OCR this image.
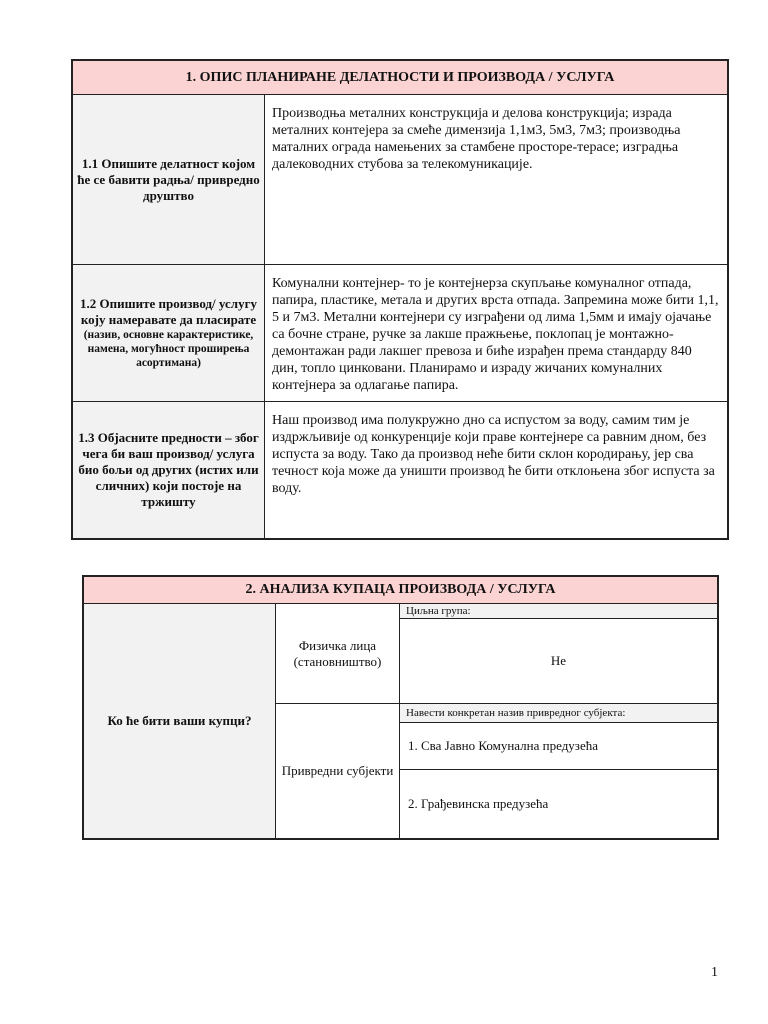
1. ОПИС ПЛАНИРАНЕ ДЕЛАТНОСТИ И ПРОИЗВОДА / УСЛУГА	
1.1 Опишите делатност којом ће се бавити радња/ привредно друштво	Производња металних конструкција и делова конструкција; израда металних контејера за смеће димензија 1,1м3, 5м3, 7м3; производња маталних ограда намењених за стамбене просторе-терасе; изградња далеководних стубова за телекомуникације.
1.2 Опишите производ/ услугу коју намеравате да пласирате
(назив, основне карактеристике, намена, могућност проширења асортимана)	Комунални контејнер- то је контејнерза скупљање комуналног отпада, папира, пластике, метала и других врста отпада. Запремина може бити 1,1, 5 и 7м3. Метални контејнери су изграђени од лима 1,5мм и имају ојачање са бочне стране, ручке за лакше пражњење, поклопац је монтажно-демонтажан ради лакшег превоза и биће израђен према стандарду 840 дин, топло цинковани. Планирамо и израду жичаних комуналних контејнера за одлагање папира.
1.3 Објасните предности – због чега би ваш производ/ услуга био бољи од других (истих или сличних) који постоје на тржишту	Наш производ има полукружно дно са испустом за воду, самим тим је издржљивије од конкуренције који праве контејнере са равним дном, без испуста за воду. Тако да производ неће бити склон кородирању, јер сва течност која може да уништи производ ће бити отклоњена због испуста за воду.
2. АНАЛИЗА КУПАЦА ПРОИЗВОДА / УСЛУГА		
Ко ће бити ваши купци?	Физичка лица (становништво)	Циљна група:
		Не
	Привредни субјекти	Навести конкретан назив привредног субјекта:
		1. Сва Јавно Комунална предузећа
		2. Грађевинска предузећа
1
